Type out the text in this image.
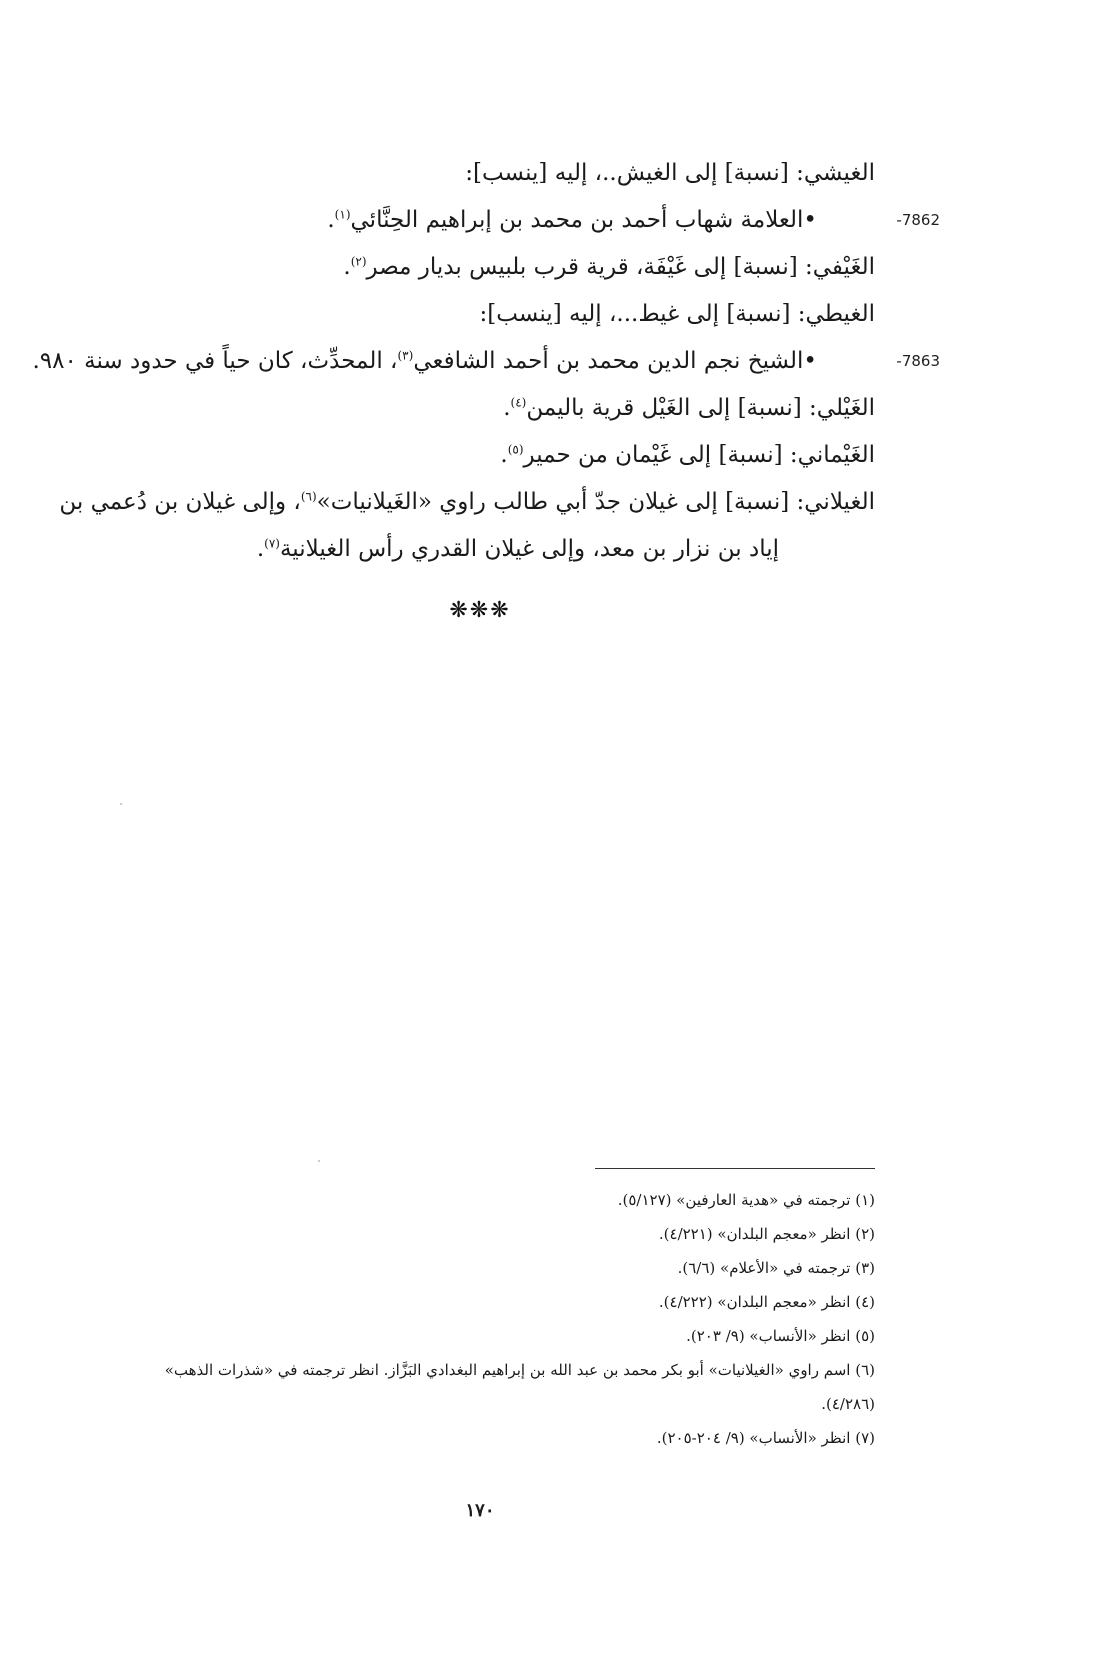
الغيشي: [نسبة] إلى الغيش..، إليه [ينسب]:
-7862
•العلامة شهاب أحمد بن محمد بن إبراهيم الحِنَّائي$^{(١)}$.
الغَيْفي: [نسبة] إلى غَيْفَة، قرية قرب بلبيس بديار مصر$^{(٢)}$.
الغيطي: [نسبة] إلى غيط...، إليه [ينسب]:
-7863
•الشيخ نجم الدين محمد بن أحمد الشافعي$^{(٣)}$، المحدِّث، كان حياً في حدود سنة ٩٨٠.
الغَيْلي: [نسبة] إلى الغَيْل قرية باليمن$^{(٤)}$.
الغَيْماني: [نسبة] إلى غَيْمان من حمير$^{(٥)}$.
الغيلاني: [نسبة] إلى غيلان جدّ أبي طالب راوي «الغَيلانيات»$^{(٦)}$، وإلى غيلان بن دُعمي بن
إياد بن نزار بن معد، وإلى غيلان القدري رأس الغيلانية$^{(٧)}$.
❋❋❋
(١) ترجمته في «هدية العارفين» (٥/١٢٧).
(٢) انظر «معجم البلدان» (٤/٢٢١).
(٣) ترجمته في «الأعلام» (٦/٦).
(٤) انظر «معجم البلدان» (٤/٢٢٢).
(٥) انظر «الأنساب» (٩/ ٢٠٣).
(٦) اسم راوي «الغيلانيات» أبو بكر محمد بن عبد الله بن إبراهيم البغدادي البَزَّاز. انظر ترجمته في «شذرات الذهب»
(٤/٢٨٦).
(٧) انظر «الأنساب» (٩/ ٢٠٤-٢٠٥).
١٧٠
